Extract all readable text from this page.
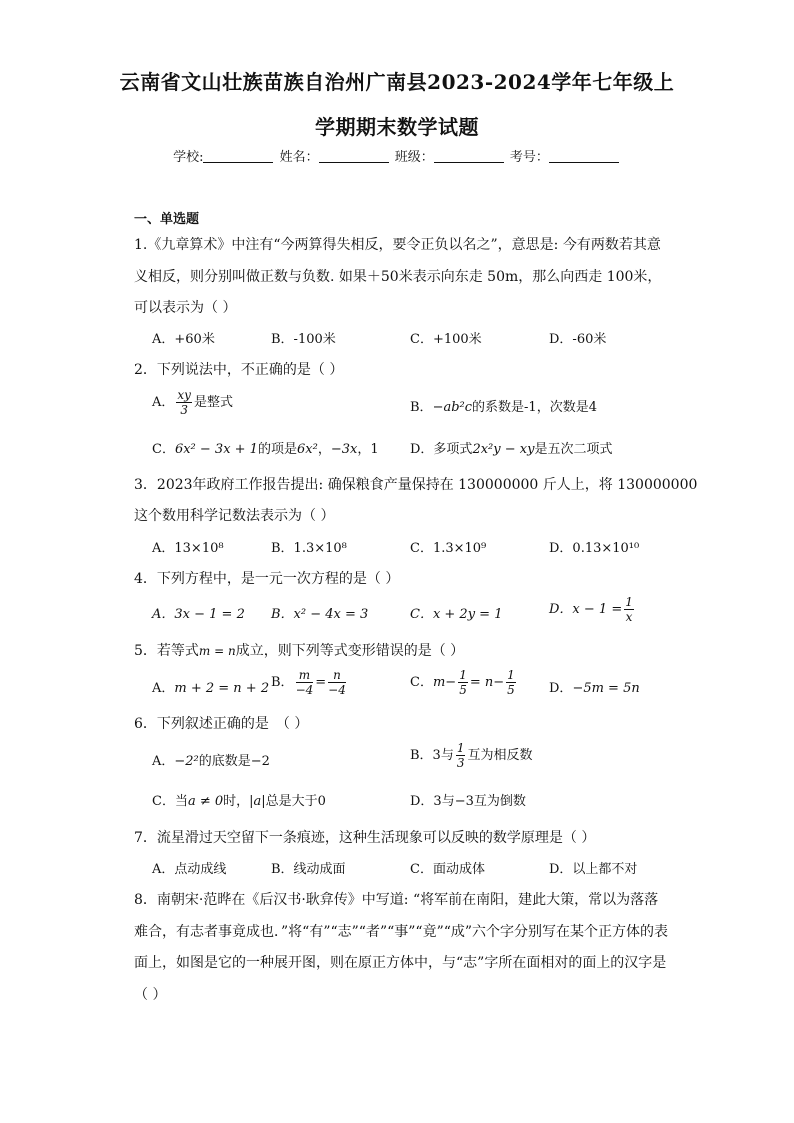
云南省文山壮族苗族自治州广南县2023-2024学年七年级上
学期期末数学试题
学校:	姓名：	班级：	考号：
一、单选题
1.《九章算术》中注有“今两算得失相反，要令正负以名之”，意思是: 今有两数若其意
义相反，则分别叫做正数与负数. 如果＋50米表示向东走 50m，那么向西走 100米，
可以表示为（ ）
A．+60米	B．-100米	C．+100米	D．-60米
2．下列说法中，不正确的是（ ）
A． $\frac{xy}{3}$ 是整式	B．−ab²c的系数是-1，次数是4
C．6x² − 3x + 1的项是6x²，−3x，1 D．多项式2x²y − xy是五次二项式
3．2023年政府工作报告提出: 确保粮食产量保持在 130000000 斤人上，将 130000000
这个数用科学记数法表示为（ ）
A．13×10⁸	B．1.3×10⁸	C．1.3×10⁹	D．0.13×10¹⁰
4．下列方程中，是一元一次方程的是（ ）
A．3x − 1 = 2 B．x² − 4x = 3	C．x + 2y = 1	D．$x - 1 = \frac{1}{x}$
5．若等式m = n成立，则下列等式变形错误的是（ ）
A．m + 2 = n + 2 B． $\frac{m}{-4} = \frac{n}{-4}$	C．$m- \frac{1}{5} = n- \frac{1}{5}$	D．−5m = 5n
6．下列叙述正确的是　（ ）
A．−2²的底数是−2	B．3与 $\frac{1}{3}$ 互为相反数
C．当a ≠ 0时，|a|总是大于0	D．3与−3互为倒数
7．流星滑过天空留下一条痕迹，这种生活现象可以反映的数学原理是（ ）
A．点动成线	B．线动成面	C．面动成体	D．以上都不对
8．南朝宋·范晔在《后汉书·耿弇传》中写道: “将军前在南阳，建此大策，常以为落落
难合，有志者事竟成也．”将“有”“志”“者”“事”“竟”“成”六个字分别写在某个正方体的表
面上，如图是它的一种展开图，则在原正方体中，与“志”字所在面相对的面上的汉字是
（ ）
